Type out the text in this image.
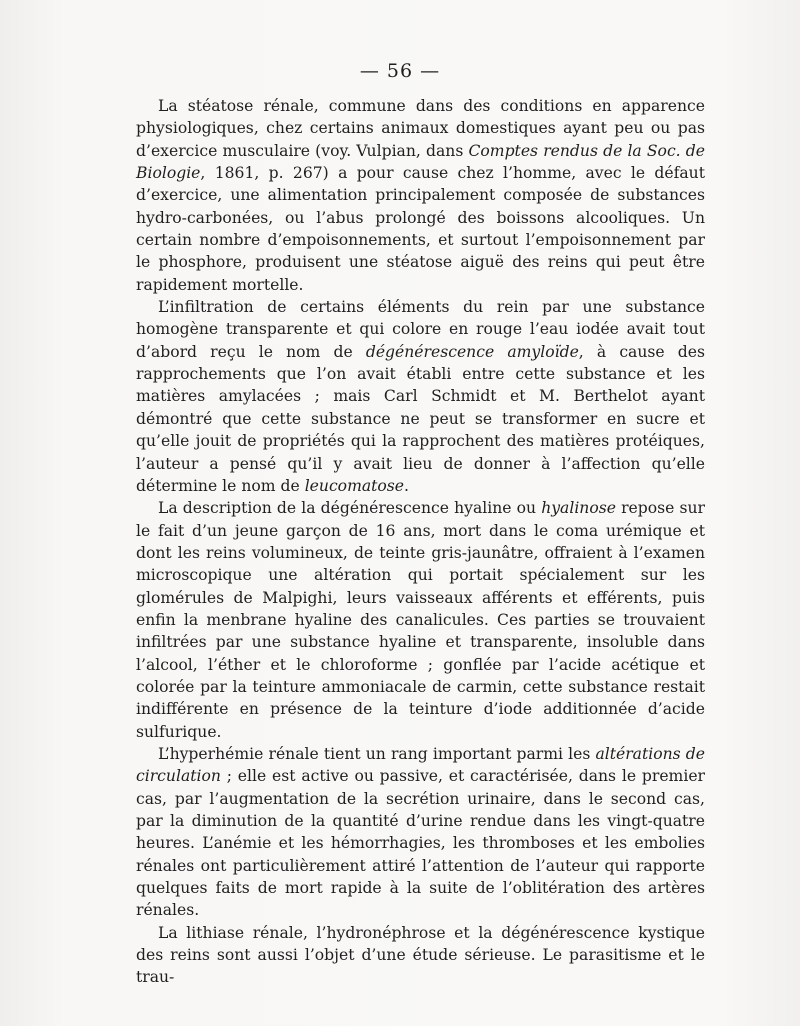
— 56 —

La stéatose rénale, commune dans des conditions en apparence physiologiques, chez certains animaux domestiques ayant peu ou pas d’exercice musculaire (voy. Vulpian, dans Comptes rendus de la Soc. de Biologie, 1861, p. 267) a pour cause chez l’homme, avec le défaut d’exercice, une alimentation principalement composée de substances hydro-carbonées, ou l’abus prolongé des boissons alcooliques. Un certain nombre d’empoisonnements, et surtout l’empoisonnement par le phosphore, produisent une stéatose aiguë des reins qui peut être rapidement mortelle.

L’infiltration de certains éléments du rein par une substance homogène transparente et qui colore en rouge l’eau iodée avait tout d’abord reçu le nom de dégénérescence amyloïde, à cause des rapprochements que l’on avait établi entre cette substance et les matières amylacées ; mais Carl Schmidt et M. Berthelot ayant démontré que cette substance ne peut se transformer en sucre et qu’elle jouit de propriétés qui la rapprochent des matières protéiques, l’auteur a pensé qu’il y avait lieu de donner à l’affection qu’elle détermine le nom de leucomatose.

La description de la dégénérescence hyaline ou hyalinose repose sur le fait d’un jeune garçon de 16 ans, mort dans le coma urémique et dont les reins volumineux, de teinte gris-jaunâtre, offraient à l’examen microscopique une altération qui portait spécialement sur les glomérules de Malpighi, leurs vaisseaux afférents et efférents, puis enfin la menbrane hyaline des canalicules. Ces parties se trouvaient infiltrées par une substance hyaline et transparente, insoluble dans l’alcool, l’éther et le chloroforme ; gonflée par l’acide acétique et colorée par la teinture ammoniacale de carmin, cette substance restait indifférente en présence de la teinture d’iode additionnée d’acide sulfurique.

L’hyperhémie rénale tient un rang important parmi les altérations de circulation ; elle est active ou passive, et caractérisée, dans le premier cas, par l’augmentation de la secrétion urinaire, dans le second cas, par la diminution de la quantité d’urine rendue dans les vingt-quatre heures. L’anémie et les hémorrhagies, les thromboses et les embolies rénales ont particulièrement attiré l’attention de l’auteur qui rapporte quelques faits de mort rapide à la suite de l’oblitération des artères rénales.

La lithiase rénale, l’hydronéphrose et la dégénérescence kystique des reins sont aussi l’objet d’une étude sérieuse. Le parasitisme et le trau-
